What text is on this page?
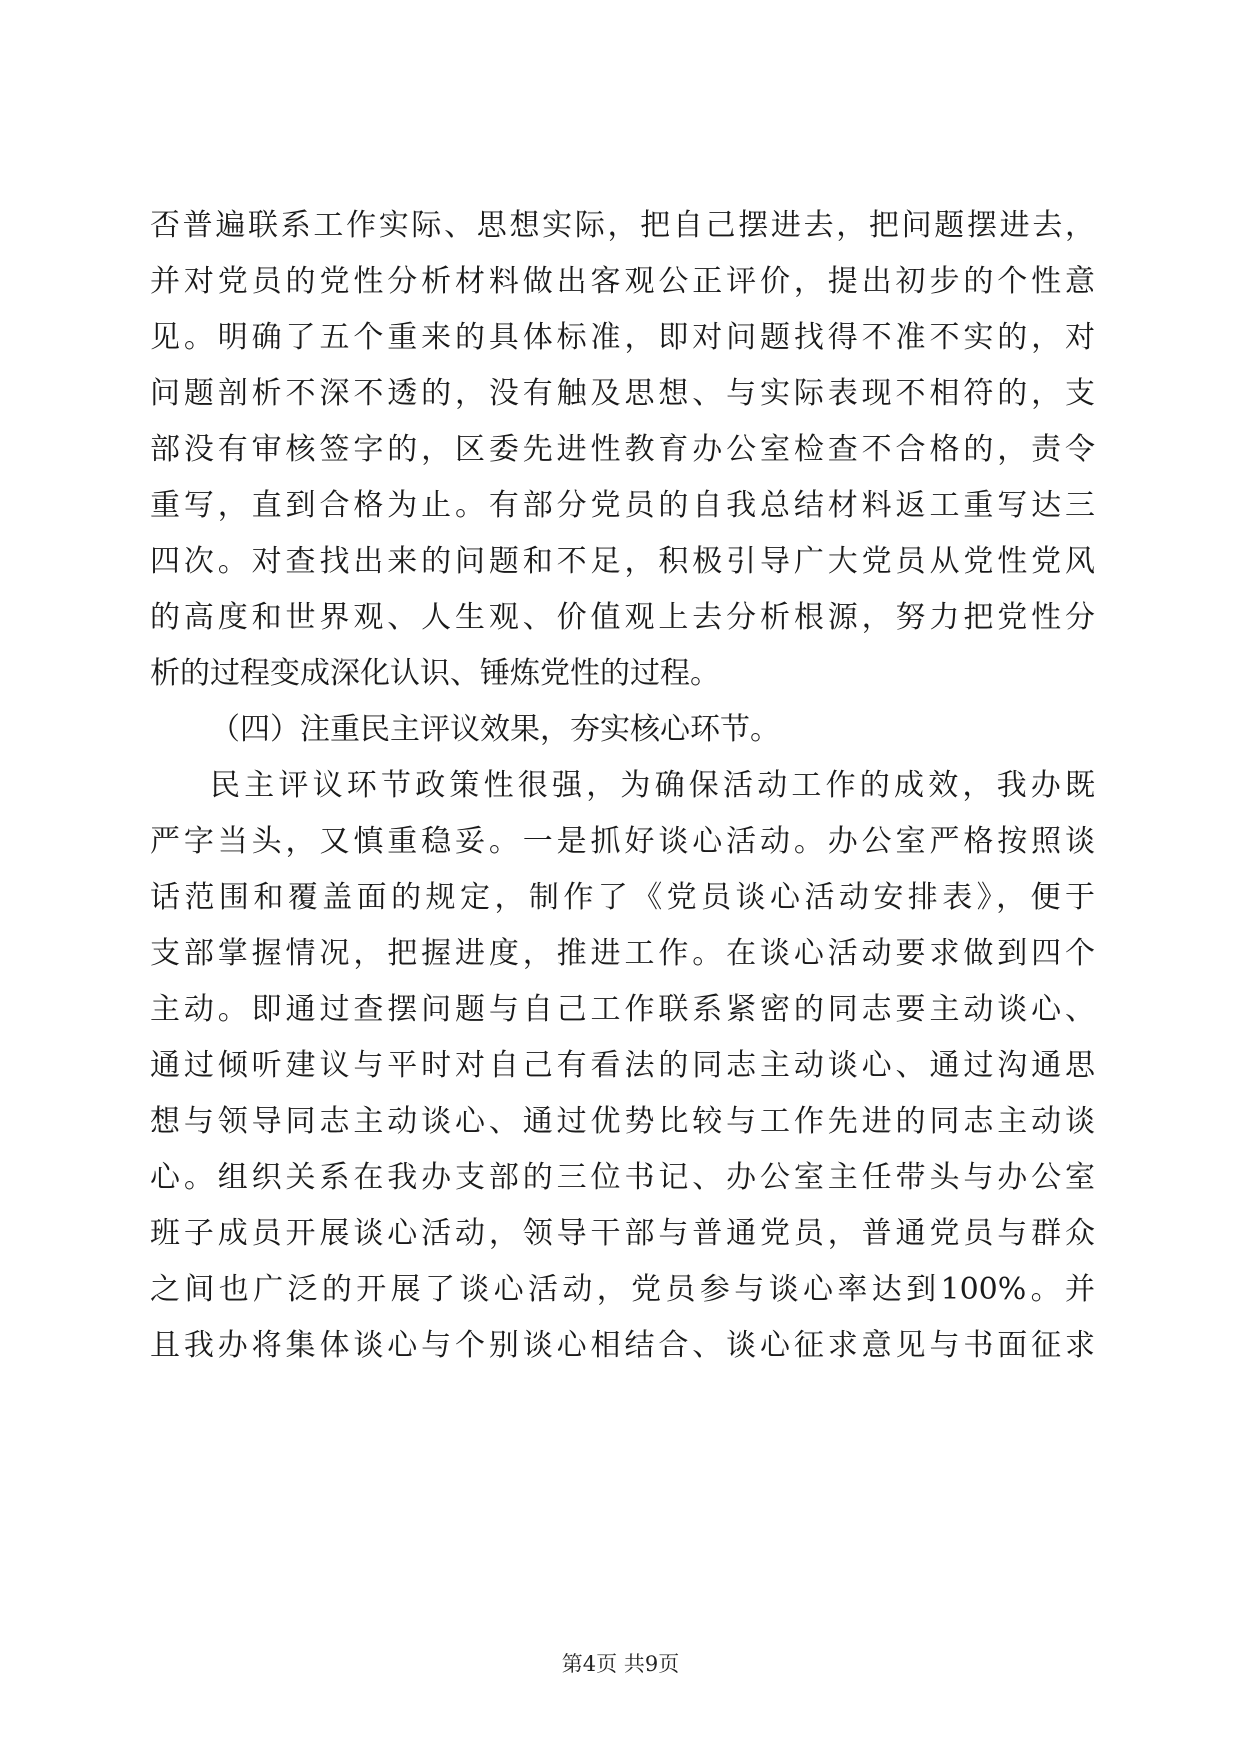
否普遍联系工作实际、思想实际，把自己摆进去，把问题摆进去，
并对党员的党性分析材料做出客观公正评价，提出初步的个性意
见。明确了五个重来的具体标准，即对问题找得不准不实的，对
问题剖析不深不透的，没有触及思想、与实际表现不相符的，支
部没有审核签字的，区委先进性教育办公室检查不合格的，责令
重写，直到合格为止。有部分党员的自我总结材料返工重写达三
四次。对查找出来的问题和不足，积极引导广大党员从党性党风
的高度和世界观、人生观、价值观上去分析根源，努力把党性分
析的过程变成深化认识、锤炼党性的过程。
（四）注重民主评议效果，夯实核心环节。
民主评议环节政策性很强，为确保活动工作的成效，我办既
严字当头，又慎重稳妥。一是抓好谈心活动。办公室严格按照谈
话范围和覆盖面的规定，制作了《党员谈心活动安排表》，便于
支部掌握情况，把握进度，推进工作。在谈心活动要求做到四个
主动。即通过查摆问题与自己工作联系紧密的同志要主动谈心、
通过倾听建议与平时对自己有看法的同志主动谈心、通过沟通思
想与领导同志主动谈心、通过优势比较与工作先进的同志主动谈
心。组织关系在我办支部的三位书记、办公室主任带头与办公室
班子成员开展谈心活动，领导干部与普通党员，普通党员与群众
之间也广泛的开展了谈心活动，党员参与谈心率达到100%。并
且我办将集体谈心与个别谈心相结合、谈心征求意见与书面征求
第4页 共9页
